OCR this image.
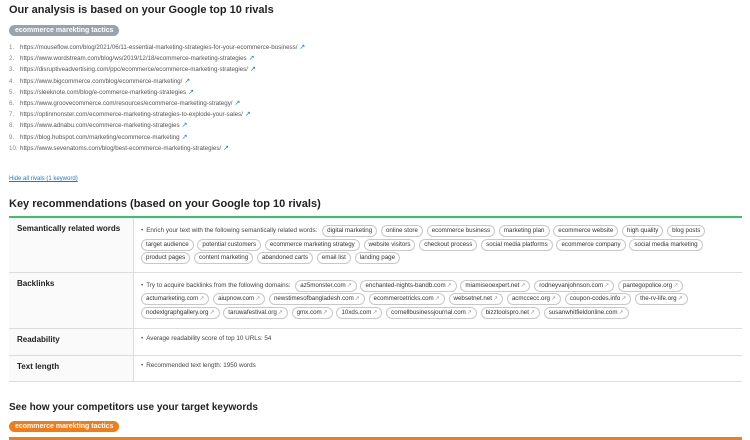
Our analysis is based on your Google top 10 rivals
ecommerce marekting tactics
1. https://mouseflow.com/blog/2021/06/11-essential-marketing-strategies-for-your-ecommerce-business/ ↗
2. https://www.wordstream.com/blog/ws/2019/12/18/ecommerce-marketing-strategies ↗
3. https://disruptiveadvertising.com/ppc/ecommerce/ecommerce-marketing-strategies/ ↗
4. https://www.bigcommerce.com/blog/ecommerce-marketing/ ↗
5. https://sleeknote.com/blog/e-commerce-marketing-strategies ↗
6. https://www.groovecommerce.com/resources/ecommerce-marketing-strategy/ ↗
7. https://optinmonster.com/ecommerce-marketing-strategies-to-explode-your-sales/ ↗
8. https://www.adnabu.com/ecommerce-marketing-strategies ↗
9. https://blog.hubspot.com/marketing/ecommerce-marketing ↗
10. https://www.sevenatoms.com/blog/best-ecommerce-marketing-strategies/ ↗
Hide all rivals (1 keyword)
Key recommendations (based on your Google top 10 rivals)
Semantically related words	• Enrich your text with the following semantically related words: digital marketing online store ecommerce business marketing plan ecommerce website high quality blog posts target audience potential customers ecommerce marketing strategy website visitors checkout process social media platforms ecommerce company social media marketing product pages content marketing abandoned carts email list landing page

Backlinks	• Try to acquire backlinks from the following domains: az5monster.com↗ enchanted-nights-bandb.com↗ miamiseoexpert.net↗ rodneyvanjohnson.com↗ pantegopolice.org↗ actumarketing.com↗ aiupnow.com↗ newstimesofbangladesh.com↗ ecommercetricks.com↗ websetnet.net↗ acmccecc.org↗ coupon-codes.info↗ the-rv-life.org↗ nodexlgraphgallery.org↗ taruwafestival.org↗ gmx.com↗ 10xds.com↗ cornellbusinessjournal.com↗ bizztoolspro.net↗ susanwhitfieldonline.com↗

Readability	• Average readability score of top 10 URLs: 54
Text length	• Recommended text length: 1950 words
See how your competitors use your target keywords
ecommerce marekting tactics
